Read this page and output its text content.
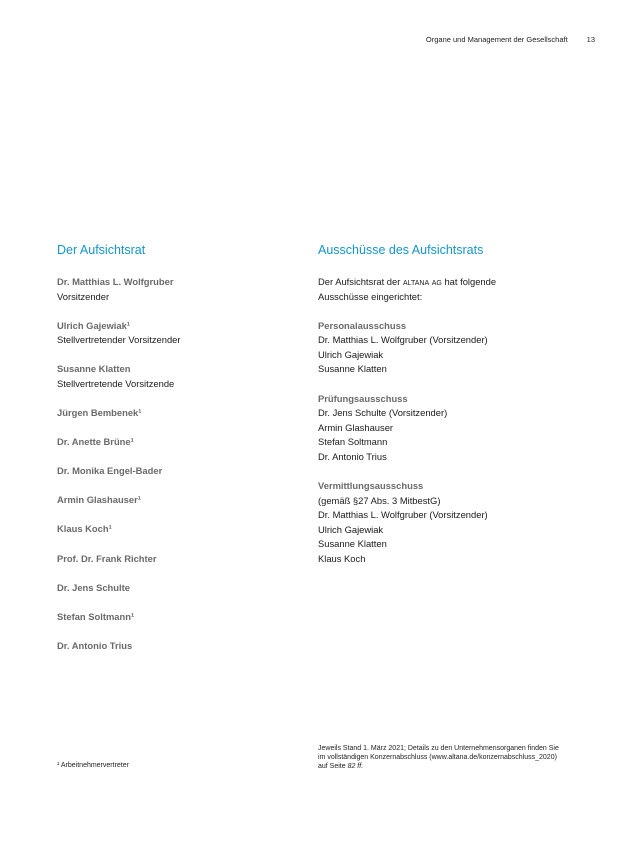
Organe und Management der Gesellschaft	13
Der Aufsichtsrat
Dr. Matthias L. Wolfgruber
Vorsitzender
Ulrich Gajewiak¹
Stellvertretender Vorsitzender
Susanne Klatten
Stellvertretende Vorsitzende
Jürgen Bembenek¹
Dr. Anette Brüne¹
Dr. Monika Engel-Bader
Armin Glashauser¹
Klaus Koch¹
Prof. Dr. Frank Richter
Dr. Jens Schulte
Stefan Soltmann¹
Dr. Antonio Trius
Ausschüsse des Aufsichtsrats
Der Aufsichtsrat der altana ag hat folgende
Ausschüsse eingerichtet:
Personalausschuss
Dr. Matthias L. Wolfgruber (Vorsitzender)
Ulrich Gajewiak
Susanne Klatten
Prüfungsausschuss
Dr. Jens Schulte (Vorsitzender)
Armin Glashauser
Stefan Soltmann
Dr. Antonio Trius
Vermittlungsausschuss
(gemäß §27 Abs. 3 MitbestG)
Dr. Matthias L. Wolfgruber (Vorsitzender)
Ulrich Gajewiak
Susanne Klatten
Klaus Koch
¹ Arbeitnehmervertreter
Jeweils Stand 1. März 2021; Details zu den Unternehmensorganen finden Sie
im vollständigen Konzernabschluss (www.altana.de/konzernabschluss_2020)
auf Seite 82 ff.
